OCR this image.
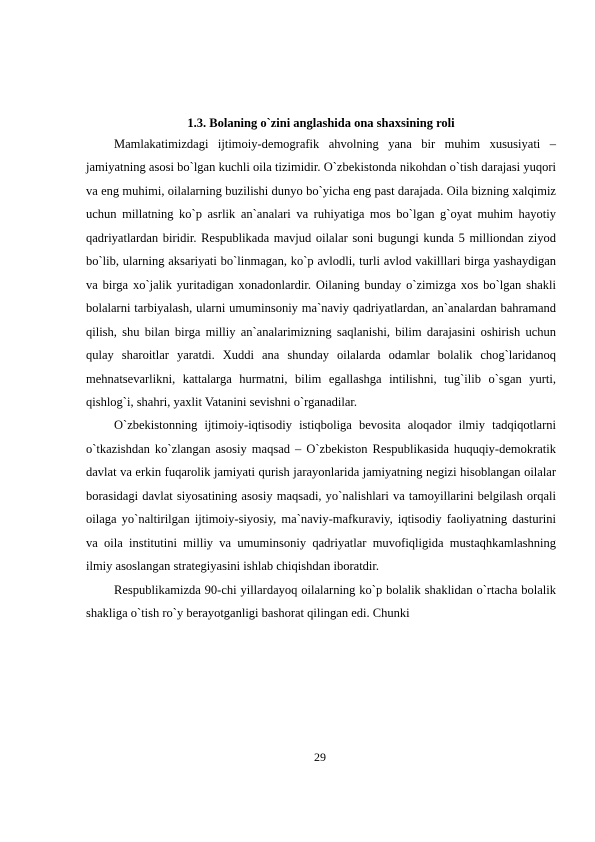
1.3. Bolaning o`zini anglashida ona shaxsining roli

Mamlakatimizdagi ijtimoiy-demografik ahvolning yana bir muhim xususiyati – jamiyatning asosi bo`lgan kuchli oila tizimidir. O`zbekistonda nikohdan o`tish darajasi yuqori va eng muhimi, oilalarning buzilishi dunyo bo`yicha eng past darajada. Oila bizning xalqimiz uchun millatning ko`p asrlik an`analari va ruhiyatiga mos bo`lgan g`oyat muhim hayotiy qadriyatlardan biridir. Respublikada mavjud oilalar soni bugungi kunda 5 milliondan ziyod bo`lib, ularning aksariyati bo`linmagan, ko`p avlodli, turli avlod vakilllari birga yashaydigan va birga xo`jalik yuritadigan xonadonlardir. Oilaning bunday o`zimizga xos bo`lgan shakli bolalarni tarbiyalash, ularni umuminsoniy ma`naviy qadriyatlardan, an`analardan bahramand qilish, shu bilan birga milliy an`analarimizning saqlanishi, bilim darajasini oshirish uchun qulay sharoitlar yaratdi. Xuddi ana shunday oilalarda odamlar bolalik chog`laridanoq mehnatsevarlikni, kattalarga hurmatni, bilim egallashga intilishni, tug`ilib o`sgan yurti, qishlog`i, shahri, yaxlit Vatanini sevishni o`rganadilar.

O`zbekistonning ijtimoiy-iqtisodiy istiqboliga bevosita aloqador ilmiy tadqiqotlarni o`tkazishdan ko`zlangan asosiy maqsad – O`zbekiston Respublikasida huquqiy-demokratik davlat va erkin fuqarolik jamiyati qurish jarayonlarida jamiyatning negizi hisoblangan oilalar borasidagi davlat siyosatining asosiy maqsadi, yo`nalishlari va tamoyillarini belgilash orqali oilaga yo`naltirilgan ijtimoiy-siyosiy, ma`naviy-mafkuraviy, iqtisodiy faoliyatning dasturini va oila institutini milliy va umuminsoniy qadriyatlar muvofiqligida mustaqhkamlashning ilmiy asoslangan strategiyasini ishlab chiqishdan iboratdir.

Respublikamizda 90-chi yillardayoq oilalarning ko`p bolalik shaklidan o`rtacha bolalik shakliga o`tish ro`y berayotganligi bashorat qilingan edi. Chunki

29
